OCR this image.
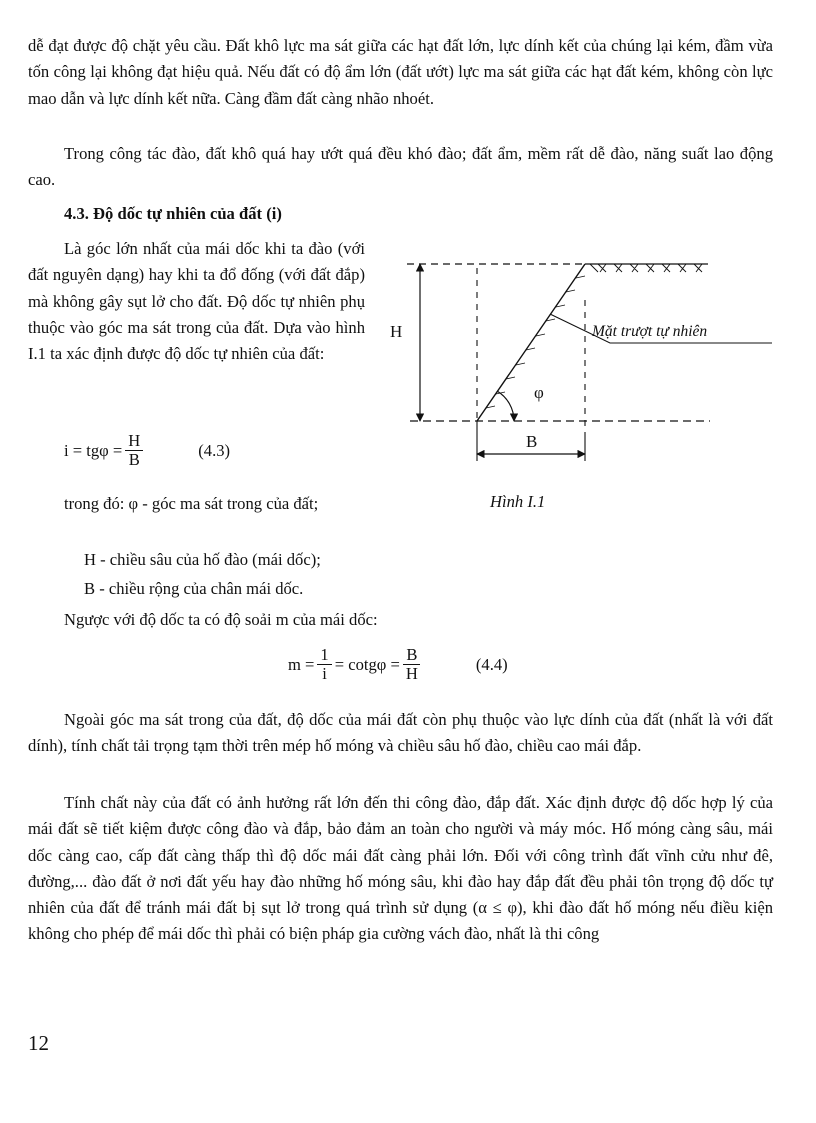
dễ đạt được độ chặt yêu cầu. Đất khô lực ma sát giữa các hạt đất lớn, lực dính kết của chúng lại kém, đầm vừa tốn công lại không đạt hiệu quả. Nếu đất có độ ẩm lớn (đất ướt) lực ma sát giữa các hạt đất kém, không còn lực mao dẫn và lực dính kết nữa. Càng đầm đất càng nhão nhoét.

Trong công tác đào, đất khô quá hay ướt quá đều khó đào; đất ẩm, mềm rất dễ đào, năng suất lao động cao.

4.3. Độ dốc tự nhiên của đất (i)

Là góc lớn nhất của mái dốc khi ta đào (với đất nguyên dạng) hay khi ta đổ đống (với đất đắp) mà không gây sụt lở cho đất. Độ dốc tự nhiên phụ thuộc vào góc ma sát trong của đất. Dựa vào hình I.1 ta xác định được độ dốc tự nhiên của đất:

$i = tg\varphi = \frac{H}{B}$	(4.3)

trong đó: φ - góc ma sát trong của đất;

H - chiều sâu của hố đào (mái dốc);
B - chiều rộng của chân mái dốc.
Ngược với độ dốc ta có độ soải m của mái dốc:
$m = \frac{1}{i} = \cot g\varphi = \frac{B}{H}$	(4.4)

Ngoài góc ma sát trong của đất, độ dốc của mái đất còn phụ thuộc vào lực dính của đất (nhất là với đất dính), tính chất tải trọng tạm thời trên mép hố móng và chiều sâu hố đào, chiều cao mái đắp.

Tính chất này của đất có ảnh hưởng rất lớn đến thi công đào, đắp đất. Xác định được độ dốc hợp lý của mái đất sẽ tiết kiệm được công đào và đắp, bảo đảm an toàn cho người và máy móc. Hố móng càng sâu, mái dốc càng cao, cấp đất càng thấp thì độ dốc mái đất càng phải lớn. Đối với công trình đất vĩnh cửu như đê, đường,... đào đất ở nơi đất yếu hay đào những hố móng sâu, khi đào hay đắp đất đều phải tôn trọng độ dốc tự nhiên của đất để tránh mái đất bị sụt lở trong quá trình sử dụng (α ≤ φ), khi đào đất hố móng nếu điều kiện không cho phép để mái dốc thì phải có biện pháp gia cường vách đào, nhất là thi công

H
B
φ
Mặt trượt tự nhiên
Hình I.1
12
